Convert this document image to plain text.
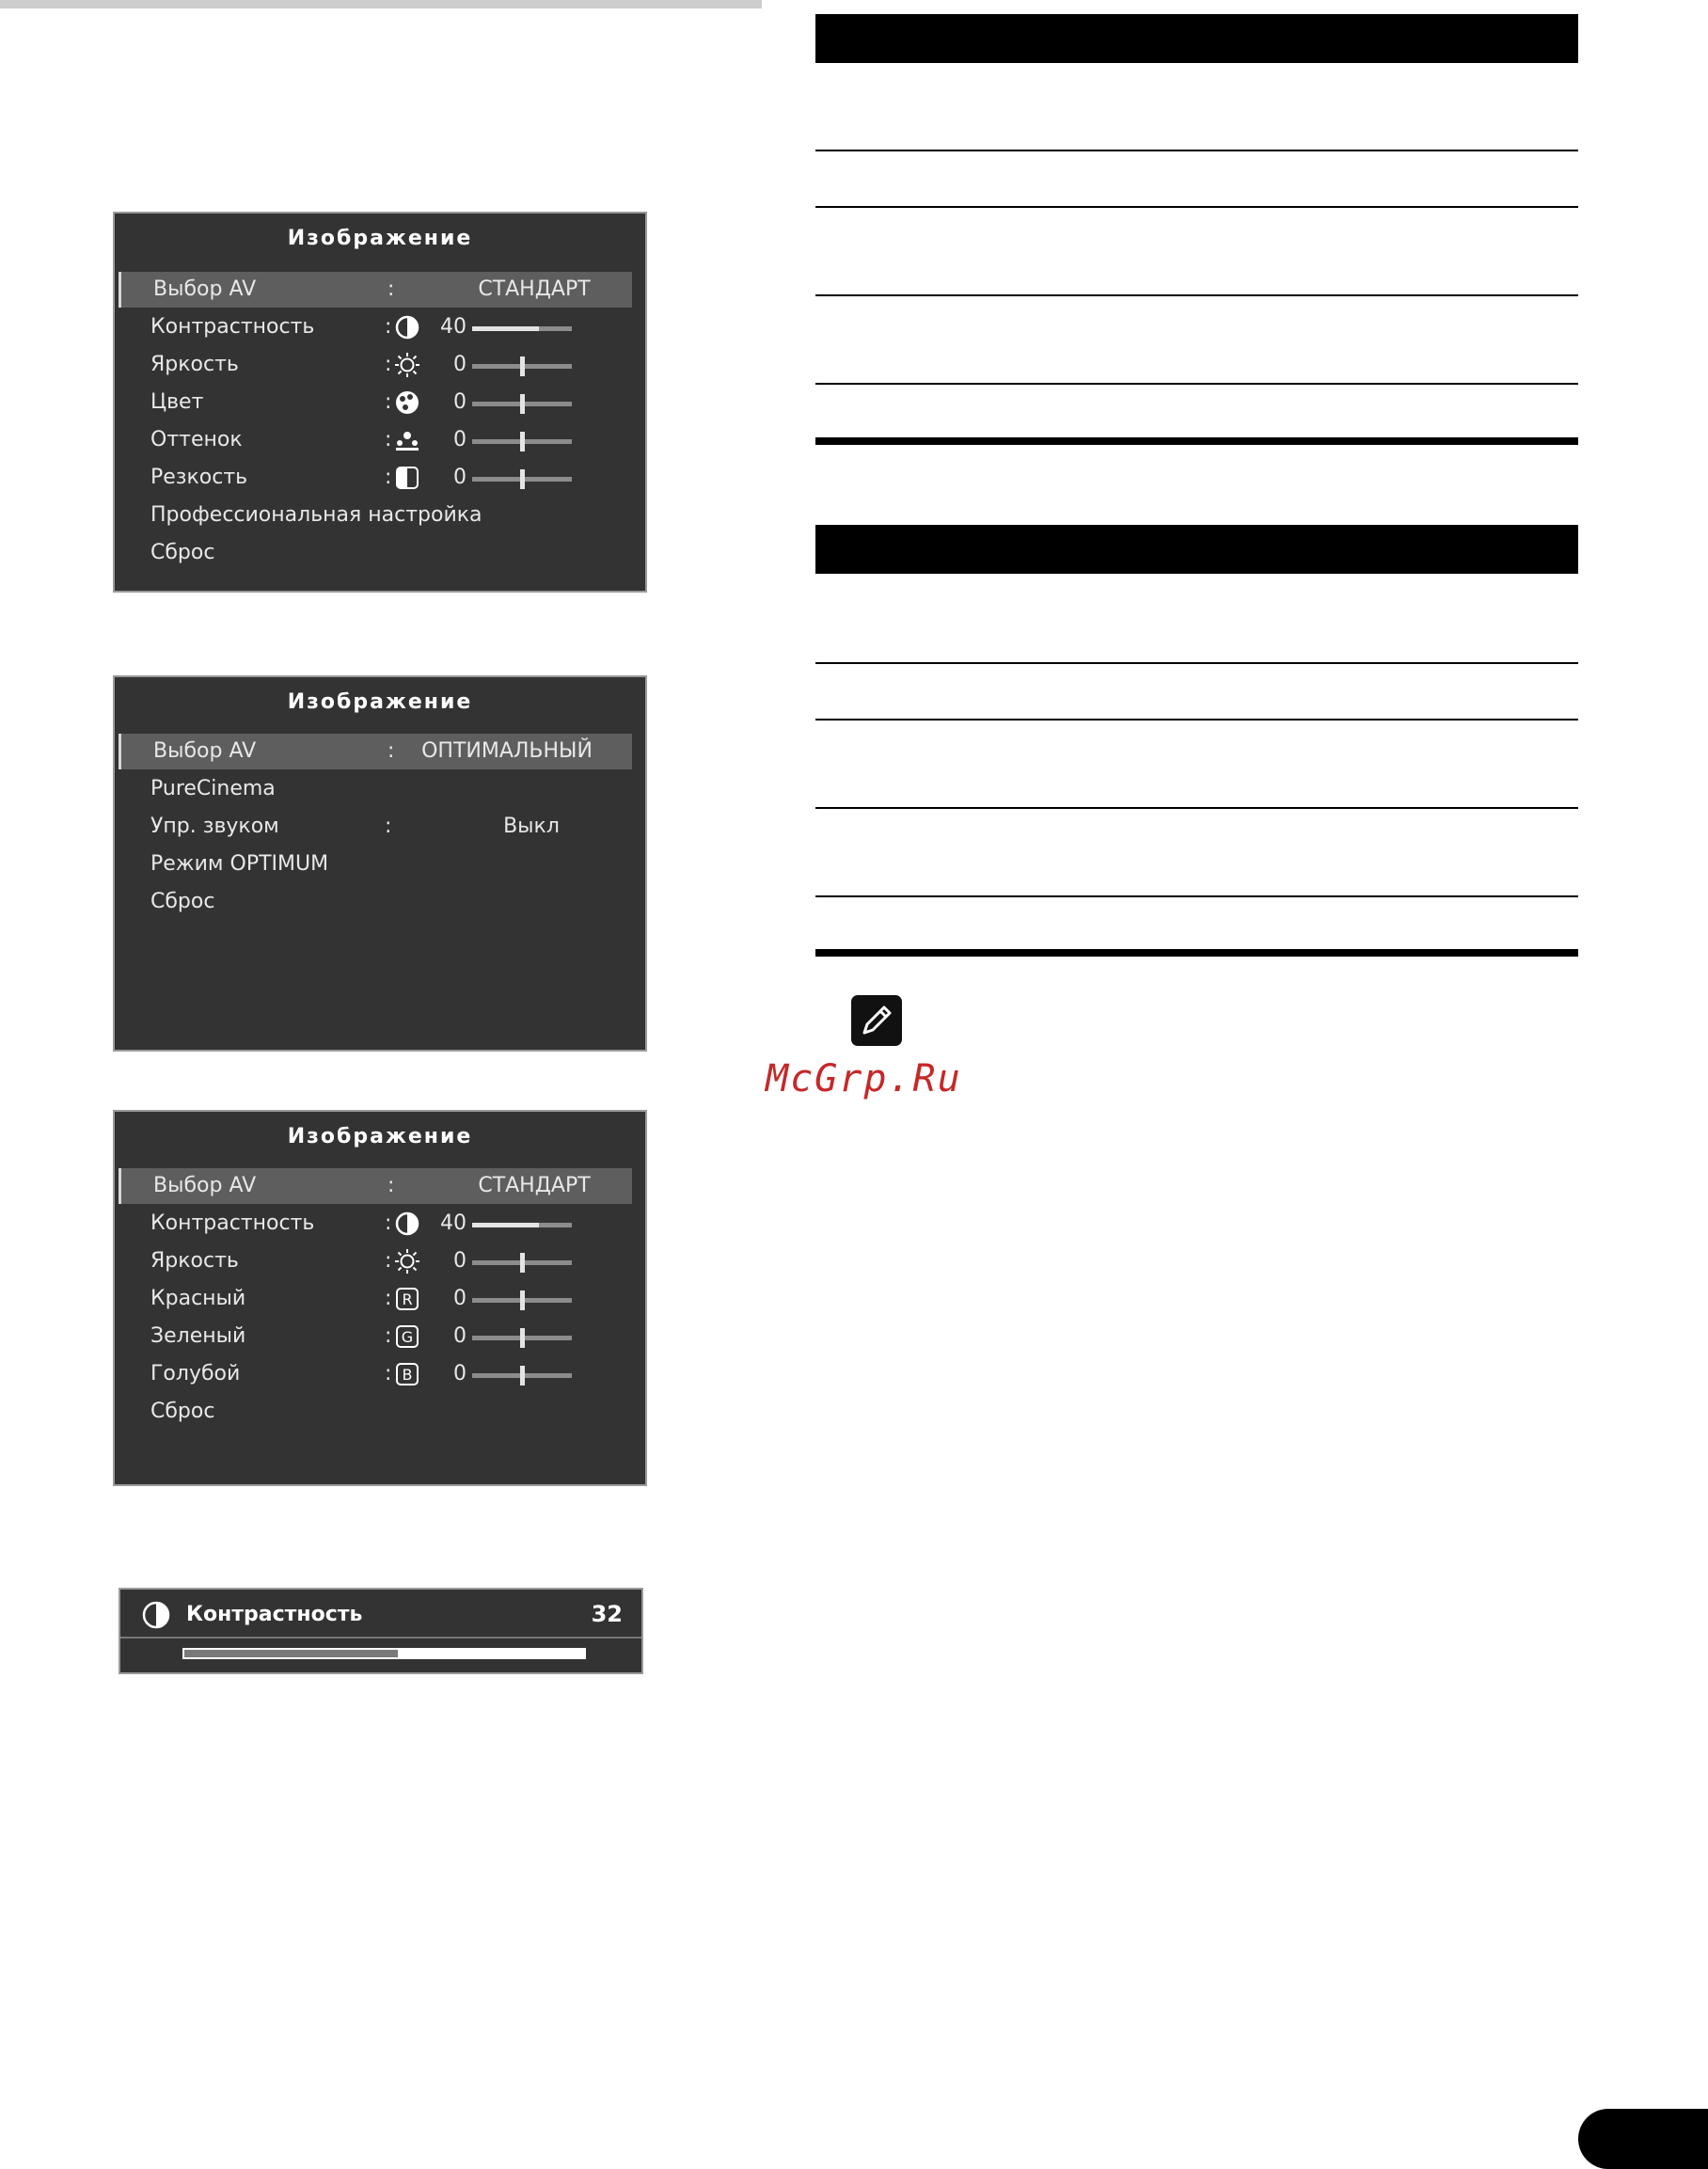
Изображение
Выбор AV	:	СТАНДАРТ
Контрастность	:	40
Яркость	:	0
Цвет	:	0
Оттенок	:	0
Резкость	:	0
Профессиональная настройка
Сброс
Изображение
Выбор AV	:	ОПТИМАЛЬНЫЙ
PureCinema
Упр. звуком	:	Выкл
Режим OPTIMUM
Сброс
Изображение
Выбор AV	:	СТАНДАРТ
Контрастность	:	40
Яркость	:	0
Красный	: R	0
Зеленый	: G	0
Голубой	: B	0
Сброс
Контрастность	32
McGrp.Ru
